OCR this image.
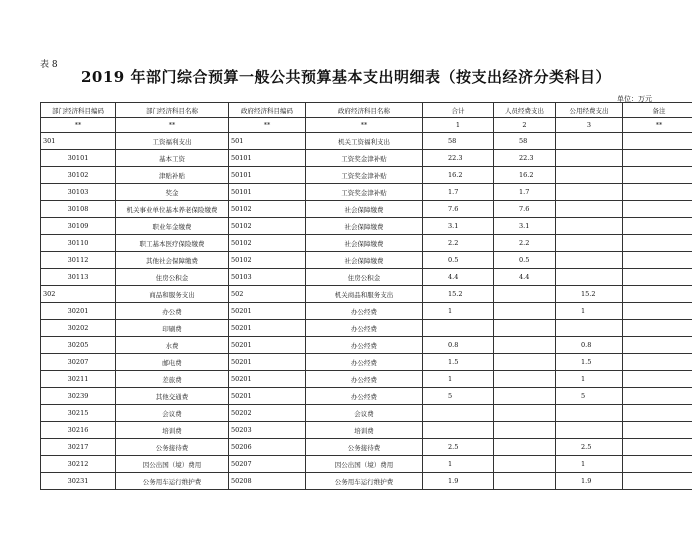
表 8
2019 年部门综合预算一般公共预算基本支出明细表（按支出经济分类科目）
单位：万元
部门经济科目编码	部门经济科目名称	政府经济科目编码	政府经济科目名称	合计	人员经费支出	公用经费支出	备注
**	**	**	**	1	2	3	**
301	工资福利支出	501	机关工资福利支出	58	58		
30101	基本工资	50101	工资奖金津补贴	22.3	22.3		
30102	津贴补贴	50101	工资奖金津补贴	16.2	16.2		
30103	奖金	50101	工资奖金津补贴	1.7	1.7		
30108	机关事业单位基本养老保险缴费	50102	社会保障缴费	7.6	7.6		
30109	职业年金缴费	50102	社会保障缴费	3.1	3.1		
30110	职工基本医疗保险缴费	50102	社会保障缴费	2.2	2.2		
30112	其他社会保障缴费	50102	社会保障缴费	0.5	0.5		
30113	住房公积金	50103	住房公积金	4.4	4.4		
302	商品和服务支出	502	机关商品和服务支出	15.2		15.2	
30201	办公费	50201	办公经费	1		1	
30202	印刷费	50201	办公经费				
30205	水费	50201	办公经费	0.8		0.8	
30207	邮电费	50201	办公经费	1.5		1.5	
30211	差旅费	50201	办公经费	1		1	
30239	其他交通费	50201	办公经费	5		5	
30215	会议费	50202	会议费				
30216	培训费	50203	培训费				
30217	公务接待费	50206	公务接待费	2.5		2.5	
30212	因公出国（境）费用	50207	因公出国（境）费用	1		1	
30231	公务用车运行维护费	50208	公务用车运行维护费	1.9		1.9	
